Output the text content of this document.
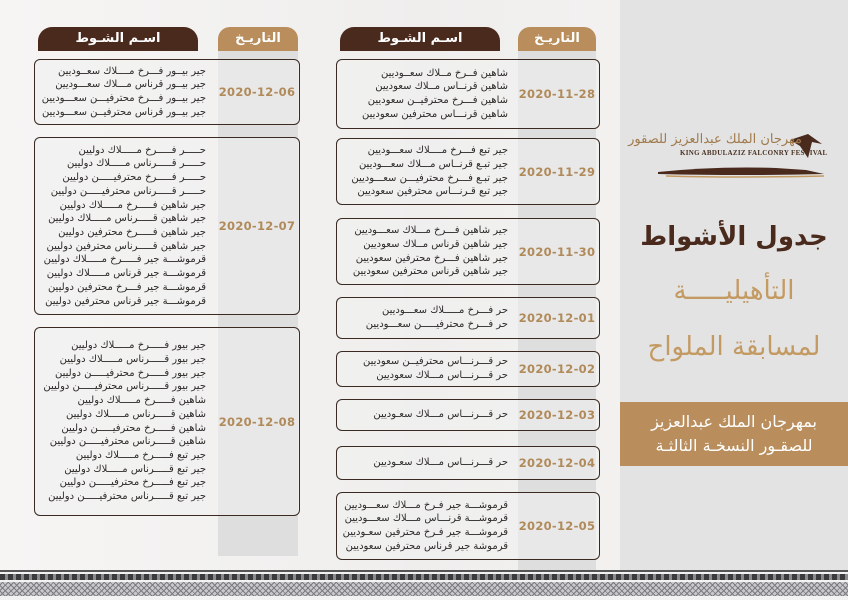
مهرجان الملك عبدالعزيز للصقور
KING ABDULAZIZ FALCONRY FESTIVAL
جدول الأشواط
التأهيليـــــة
لمسابقة الملواح
بمهرجان الملك عبدالعزيز
للصقـور النسخـة الثالثـة
اسـم الشـوط	التاريـخ
شاهين فــرخ مــلاك سعــوديين
شاهين قرنــاس مــلاك سعوديين
شاهين فـــرخ محترفيــن سعوديين
شاهين قرنـــاس محترفين سعوديين
2020-11-28
جير تبع فـــرخ مــــلاك سعـــوديين
جير تبـع قرنــاس مـــلاك سعـــوديين
جير تبـع فـــرخ محترفيـــن سعـــوديين
جير تبع قـرنـــاس محترفين سعوديين
2020-11-29
جير شاهين فـــرخ مـــلاك سعـــوديين
جير شاهين قرناس مــلاك سعوديين
جير شاهين فـــرخ محترفين سعوديين
جير شاهين قرناس محترفين سعوديين
2020-11-30
حر فـــرخ مـــــلاك سعـــوديين
حر فـــرخ محترفيـــــن سعـــوديين 2020-12-01
حر قـــرنـــاس محترفيــن سعوديين
حر قـــرنـــاس مـــلاك سعوديين 2020-12-02
حر قـــرنـــاس مـــلاك سعـوديين 2020-12-03
حر قـــرنـــاس مـــلاك سعـوديين 2020-12-04
قرموشـــة جير فـرخ مـــلاك سعـــوديين
قرموشـــة قرنـــاس مـــلاك سعـــوديين
قرموشـــة جير فـرخ محترفين سعـوديين
قرموشة جير قرناس محترفين سعوديين
2020-12-05
اسـم الشـوط	التاريـخ
جير بيــور فـــرخ مــــلاك سعــوديين
جير بيــور قرناس مـــلاك سعـــوديين
جير بيــور فـــرخ محترفيـــن سعـــوديين
جير بيــور قرناس محترفيــن سعـــوديين
2020-12-06
حـــــر فـــــرخ مـــــلاك دوليين
حـــــر قـــــرناس مـــــلاك دوليين
حـــــر فـــــرخ محترفيـــــن دوليين
حـــــر قـــــرناس محترفيـــــن دوليين
جير شاهين فـــــرخ مـــــلاك دوليين
جير شاهين قـــــرناس مـــــلاك دوليين
جير شاهين فـــــرخ محترفين دوليين
جير شاهين قـــــرناس محترفين دوليين
قرموشـــة جير فـــــرخ مـــــلاك دوليين
قرموشـــة جير قرناس مـــــلاك دوليين
قرموشـــة جير فـــرخ محترفين دوليين
قرموشـــة جير قرناس محترفين دوليين
2020-12-07
جير بيور فـــــرخ مـــــلاك دوليين
جير بيور قـــــرناس مـــــلاك دوليين
جير بيور فـــــرخ محترفيـــــن دوليين
جير بيور قـــــرناس محترفيـــــن دوليين
شاهين فـــــرخ مـــــلاك دوليين
شاهين قـــــرناس مـــــلاك دوليين
شاهين فـــــرخ محترفيـــــن دوليين
شاهين قـــــرناس محترفيـــــن دوليين
جير تبع فـــــرخ مـــــلاك دوليين
جير تبع قـــــرناس مـــــلاك دوليين
جير تبع فـــــرخ محترفيـــــن دوليين
جير تبع قـــــرناس محترفيـــــن دوليين
2020-12-08
